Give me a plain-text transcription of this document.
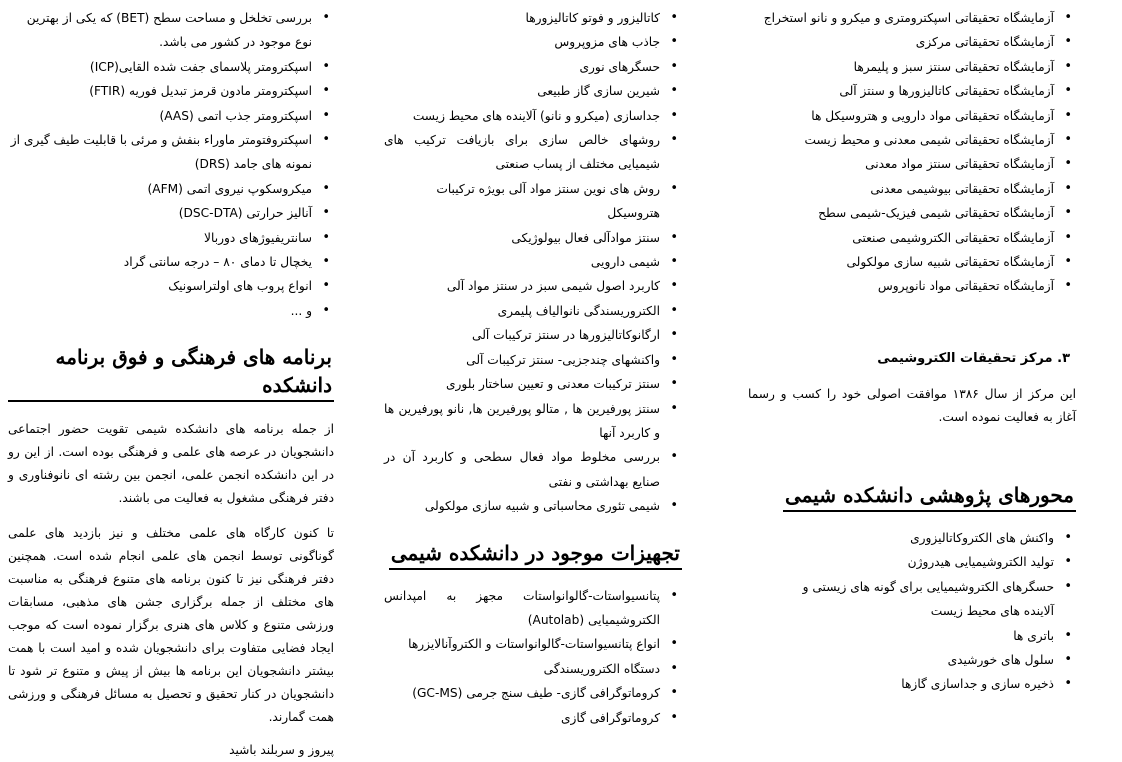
• آزمایشگاه تحقیقاتی اسپکترومتری و میکرو و نانو استخراج
• آزمایشگاه تحقیقاتی مرکزی
• آزمایشگاه تحقیقاتی سنتز سبز و پلیمرها
• آزمایشگاه تحقیقاتی کاتالیزورها و سنتز آلی
• آزمایشگاه تحقیقاتی مواد دارویی و هتروسیکل ها
• آزمایشگاه تحقیقاتی شیمی معدنی و محیط زیست
• آزمایشگاه تحقیقاتی سنتز مواد معدنی
• آزمایشگاه تحقیقاتی بیوشیمی معدنی
• آزمایشگاه تحقیقاتی شیمی فیزیک-شیمی سطح
• آزمایشگاه تحقیقاتی الکتروشیمی صنعتی
• آزمایشگاه تحقیقاتی شبیه سازی مولکولی
• آزمایشگاه تحقیقاتی مواد نانوپروس
۳. مرکز تحقیقات الکتروشیمی

این مرکز از سال ۱۳۸۶ موافقت اصولی خود را کسب و رسما آغاز به فعالیت نموده است.

محورهای پژوهشی دانشکده شیمی
• واکنش های الکتروکاتالیزوری
• تولید الکتروشیمیایی هیدروژن
• حسگرهای الکتروشیمیایی برای گونه های زیستی و آلاینده های محیط زیست
• باتری ها
• سلول های خورشیدی
• ذخیره سازی و جداسازی گازها
• کاتالیزور و فوتو کاتالیزورها
• جاذب های مزوپروس
• حسگرهای نوری
• شیرین سازی گاز طبیعی
• جداسازی (میکرو و نانو) آلاینده های محیط زیست
• روشهای خالص سازی برای بازیافت ترکیب های شیمیایی مختلف از پساب صنعتی
• روش های نوین سنتز مواد آلی بویژه ترکیبات هتروسیکل
• سنتز موادآلی فعال بیولوژیکی
• شیمی دارویی
• کاربرد اصول شیمی سبز در سنتز مواد آلی
• الکتروریسندگی نانوالیاف پلیمری
• ارگانوکاتالیزورها در سنتز ترکیبات آلی
• واکنشهای چندجزیی- سنتز ترکیبات آلی
• سنتز ترکیبات معدنی و تعیین ساختار بلوری
• سنتز پورفیرین ها , متالو پورفیرین ها, نانو پورفیرین ها و کاربرد آنها
• بررسی مخلوط مواد فعال سطحی و کاربرد آن در صنایع بهداشتی و نفتی
• شیمی تئوری محاسباتی و شبیه سازی مولکولی
تجهیزات موجود در دانشکده شیمی
• پتانسیواستات-گالوانواستات مجهز به امپدانس الکتروشیمیایی (Autolab)
• انواع پتانسیواستات-گالوانواستات و الکتروآنالایزرها
• دستگاه الکتروریسندگی
• کروماتوگرافی گازی- طیف سنج جرمی (GC-MS)
• کروماتوگرافی گازی
• بررسی تخلخل و مساحت سطح (BET) که یکی از بهترین نوع موجود در کشور می باشد.
• اسپکترومتر پلاسمای جفت شده القایی(ICP)
• اسپکترومتر مادون قرمز تبدیل فوریه (FTIR)
• اسپکترومتر جذب اتمی (AAS)
• اسپکتروفتومتر ماوراء بنفش و مرئی با قابلیت طیف گیری از نمونه های جامد (DRS)
• میکروسکوپ نیروی اتمی (AFM)
• آنالیز حرارتی (DSC-DTA)
• سانتریفیوژهای دوربالا
• یخچال تا دمای ۸۰ – درجه سانتی گراد
• انواع پروب های اولتراسونیک
• و ...
برنامه های فرهنگی و فوق برنامه دانشکده

از جمله برنامه های دانشکده شیمی تقویت حضور اجتماعی دانشجویان در عرصه های علمی و فرهنگی بوده است. از این رو در این دانشکده انجمن علمی، انجمن بین رشته ای نانوفناوری و دفتر فرهنگی مشغول به فعالیت می باشند.

تا کنون کارگاه های علمی مختلف و نیز بازدید های علمی گوناگونی توسط انجمن های علمی انجام شده است. همچنین دفتر فرهنگی نیز تا کنون برنامه های متنوع فرهنگی به مناسبت های مختلف از جمله برگزاری جشن های مذهبی، مسابقات ورزشی متنوع و کلاس های هنری برگزار نموده است که موجب ایجاد فضایی متفاوت برای دانشجویان شده و امید است با همت بیشتر دانشجویان این برنامه ها بیش از پیش و متنوع تر شود تا دانشجویان در کنار تحقیق و تحصیل به مسائل فرهنگی و ورزشی همت گمارند.

پیروز و سربلند باشید
